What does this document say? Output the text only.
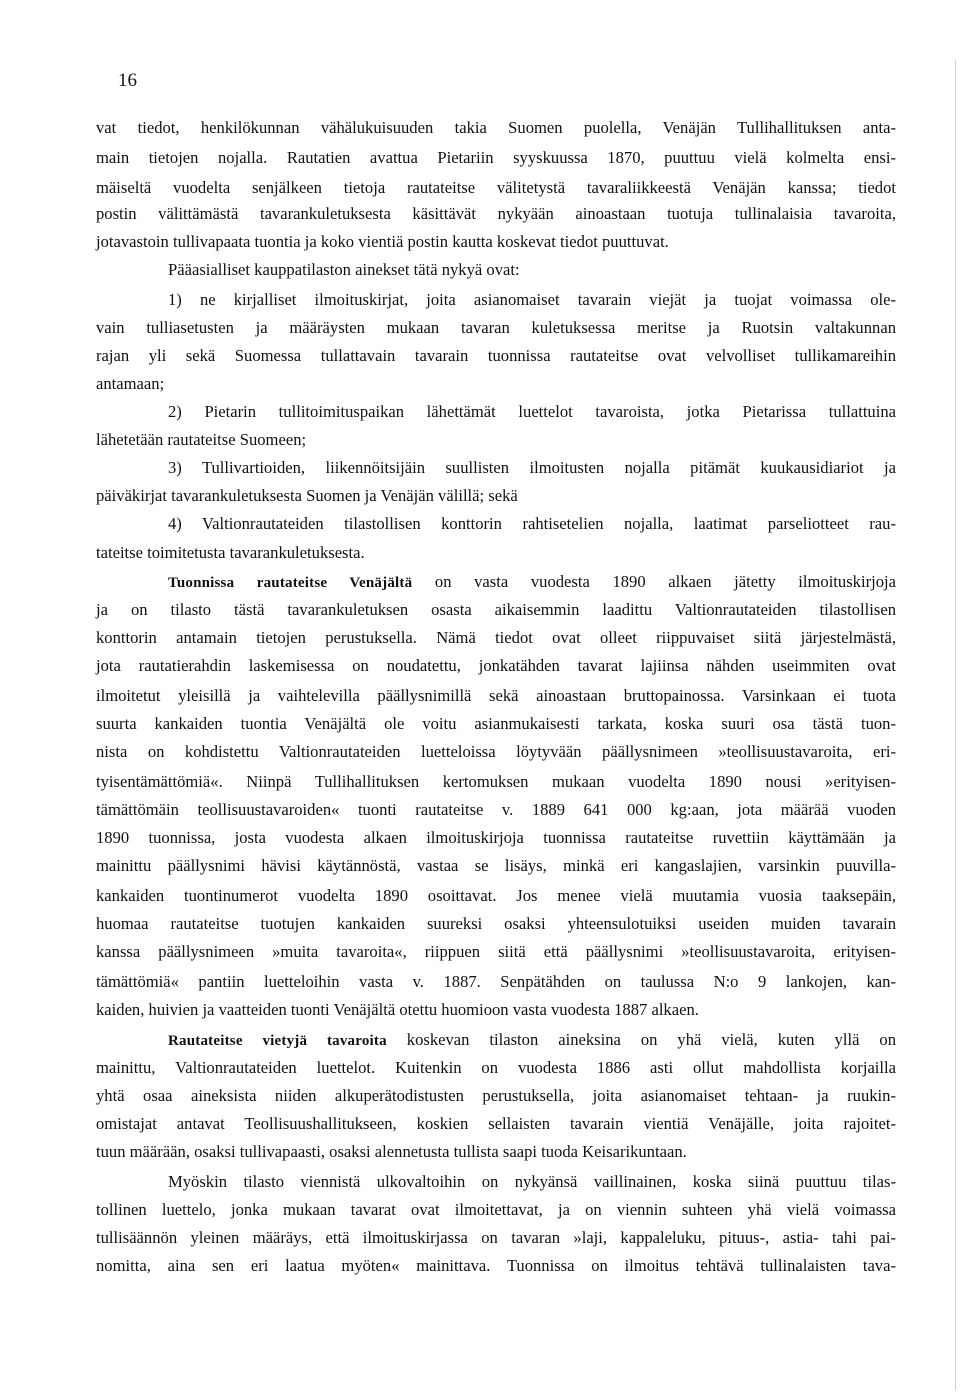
16
vat tiedot, henkilökunnan vähälukuisuuden takia Suomen puolella, Venäjän Tullihallituksen anta-
main tietojen nojalla. Rautatien avattua Pietariin syyskuussa 1870, puuttuu vielä kolmelta ensi-
mäiseltä vuodelta senjälkeen tietoja rautateitse välitetystä tavaraliikkeestä Venäjän kanssa; tiedot
postin välittämästä tavarankuletuksesta käsittävät nykyään ainoastaan tuotuja tullinalaisia tavaroita,
jotavastoin tullivapaata tuontia ja koko vientiä postin kautta koskevat tiedot puuttuvat.
Pääasialliset kauppatilaston ainekset tätä nykyä ovat:
1) ne kirjalliset ilmoituskirjat, joita asianomaiset tavarain viejät ja tuojat voimassa ole-
vain tulliasetusten ja määräysten mukaan tavaran kuletuksessa meritse ja Ruotsin valtakunnan
rajan yli sekä Suomessa tullattavain tavarain tuonnissa rautateitse ovat velvolliset tullikamareihin
antamaan;
2) Pietarin tullitoimituspaikan lähettämät luettelot tavaroista, jotka Pietarissa tullattuina
lähetetään rautateitse Suomeen;
3) Tullivartioiden, liikennöitsijäin suullisten ilmoitusten nojalla pitämät kuukausidiariot ja
päiväkirjat tavarankuletuksesta Suomen ja Venäjän välillä; sekä
4) Valtionrautateiden tilastollisen konttorin rahtisetelien nojalla, laatimat parseliotteet rau-
tateitse toimitetusta tavarankuletuksesta.
Tuonnissa rautateitse Venäjältä on vasta vuodesta 1890 alkaen jätetty ilmoituskirjoja
ja on tilasto tästä tavarankuletuksen osasta aikaisemmin laadittu Valtionrautateiden tilastollisen
konttorin antamain tietojen perustuksella. Nämä tiedot ovat olleet riippuvaiset siitä järjestelmästä,
jota rautatierahdin laskemisessa on noudatettu, jonkatähden tavarat lajiinsa nähden useimmiten ovat
ilmoitetut yleisillä ja vaihtelevilla päällysnimillä sekä ainoastaan bruttopainossa. Varsinkaan ei tuota
suurta kankaiden tuontia Venäjältä ole voitu asianmukaisesti tarkata, koska suuri osa tästä tuon-
nista on kohdistettu Valtionrautateiden luetteloissa löytyvään päällysnimeen »teollisuustavaroita, eri-
tyisentämättömiä«. Niinpä Tullihallituksen kertomuksen mukaan vuodelta 1890 nousi »erityisen-
tämättömäin teollisuustavaroiden« tuonti rautateitse v. 1889 641 000 kg:aan, jota määrää vuoden
1890 tuonnissa, josta vuodesta alkaen ilmoituskirjoja tuonnissa rautateitse ruvettiin käyttämään ja
mainittu päällysnimi hävisi käytännöstä, vastaa se lisäys, minkä eri kangaslajien, varsinkin puuvilla-
kankaiden tuontinumerot vuodelta 1890 osoittavat. Jos menee vielä muutamia vuosia taaksepäin,
huomaa rautateitse tuotujen kankaiden suureksi osaksi yhteensulotuiksi useiden muiden tavarain
kanssa päällysnimeen »muita tavaroita«, riippuen siitä että päällysnimi »teollisuustavaroita, erityisen-
tämättömiä« pantiin luetteloihin vasta v. 1887. Senpätähden on taulussa N:o 9 lankojen, kan-
kaiden, huivien ja vaatteiden tuonti Venäjältä otettu huomioon vasta vuodesta 1887 alkaen.
Rautateitse vietyjä tavaroita koskevan tilaston aineksina on yhä vielä, kuten yllä on
mainittu, Valtionrautateiden luettelot. Kuitenkin on vuodesta 1886 asti ollut mahdollista korjailla
yhtä osaa aineksista niiden alkuperätodistusten perustuksella, joita asianomaiset tehtaan- ja ruukin-
omistajat antavat Teollisuushallitukseen, koskien sellaisten tavarain vientiä Venäjälle, joita rajoitet-
tuun määrään, osaksi tullivapaasti, osaksi alennetusta tullista saapi tuoda Keisarikuntaan.
Myöskin tilasto viennistä ulkovaltoihin on nykyänsä vaillinainen, koska siinä puuttuu tilas-
tollinen luettelo, jonka mukaan tavarat ovat ilmoitettavat, ja on viennin suhteen yhä vielä voimassa
tullisäännön yleinen määräys, että ilmoituskirjassa on tavaran »laji, kappaleluku, pituus-, astia- tahi pai-
nomitta, aina sen eri laatua myöten« mainittava. Tuonnissa on ilmoitus tehtävä tullinalaisten tava-
